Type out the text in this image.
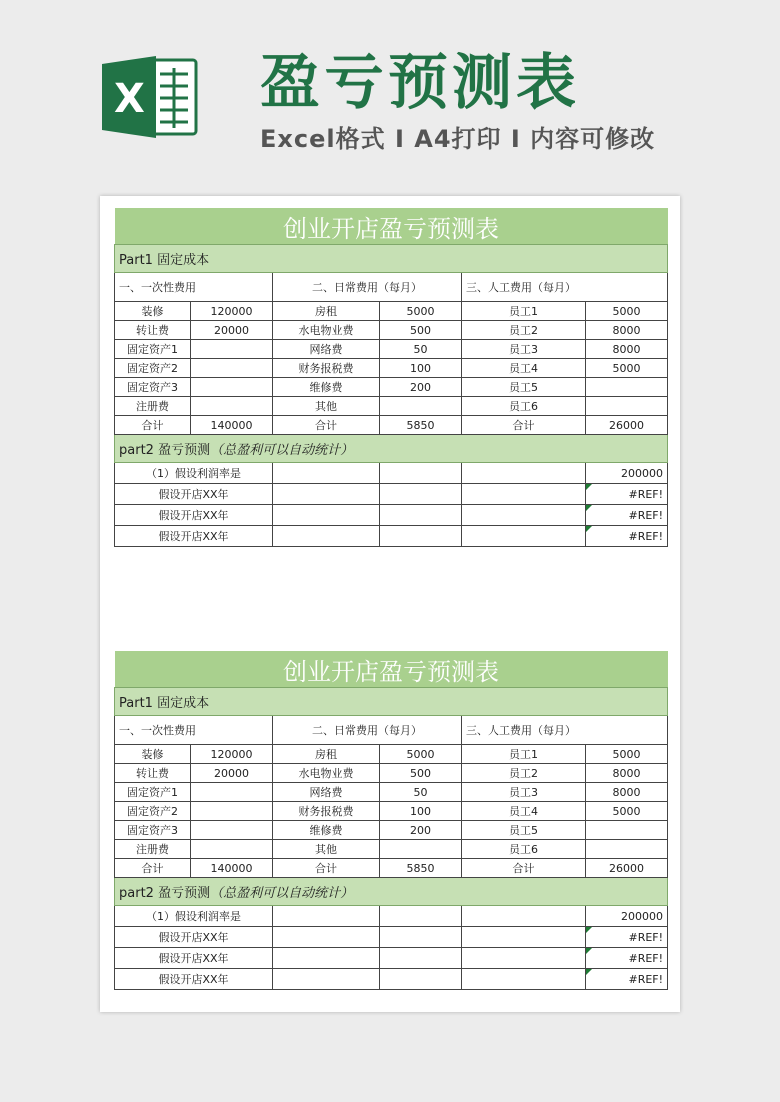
X 盈亏预测表
Excel格式 I A4打印 I 内容可修改
创业开店盈亏预测表					
Part1 固定成本					
一、一次性费用		二、日常费用（每月）		三、人工费用（每月）	
装修	120000	房租	5000	员工1	5000
转让费	20000	水电物业费	500	员工2	8000
固定资产1		网络费	50	员工3	8000
固定资产2		财务报税费	100	员工4	5000
固定资产3		维修费	200	员工5	
注册费		其他		员工6	
合计	140000	合计	5850	合计	26000
part2 盈亏预测（总盈利可以自动统计）					
（1）假设利润率是					200000
假设开店XX年					#REF!
假设开店XX年					#REF!
假设开店XX年					#REF!
创业开店盈亏预测表					
Part1 固定成本					
一、一次性费用		二、日常费用（每月）		三、人工费用（每月）	
装修	120000	房租	5000	员工1	5000
转让费	20000	水电物业费	500	员工2	8000
固定资产1		网络费	50	员工3	8000
固定资产2		财务报税费	100	员工4	5000
固定资产3		维修费	200	员工5	
注册费		其他		员工6	
合计	140000	合计	5850	合计	26000
part2 盈亏预测（总盈利可以自动统计）					
（1）假设利润率是					200000
假设开店XX年					#REF!
假设开店XX年					#REF!
假设开店XX年					#REF!
